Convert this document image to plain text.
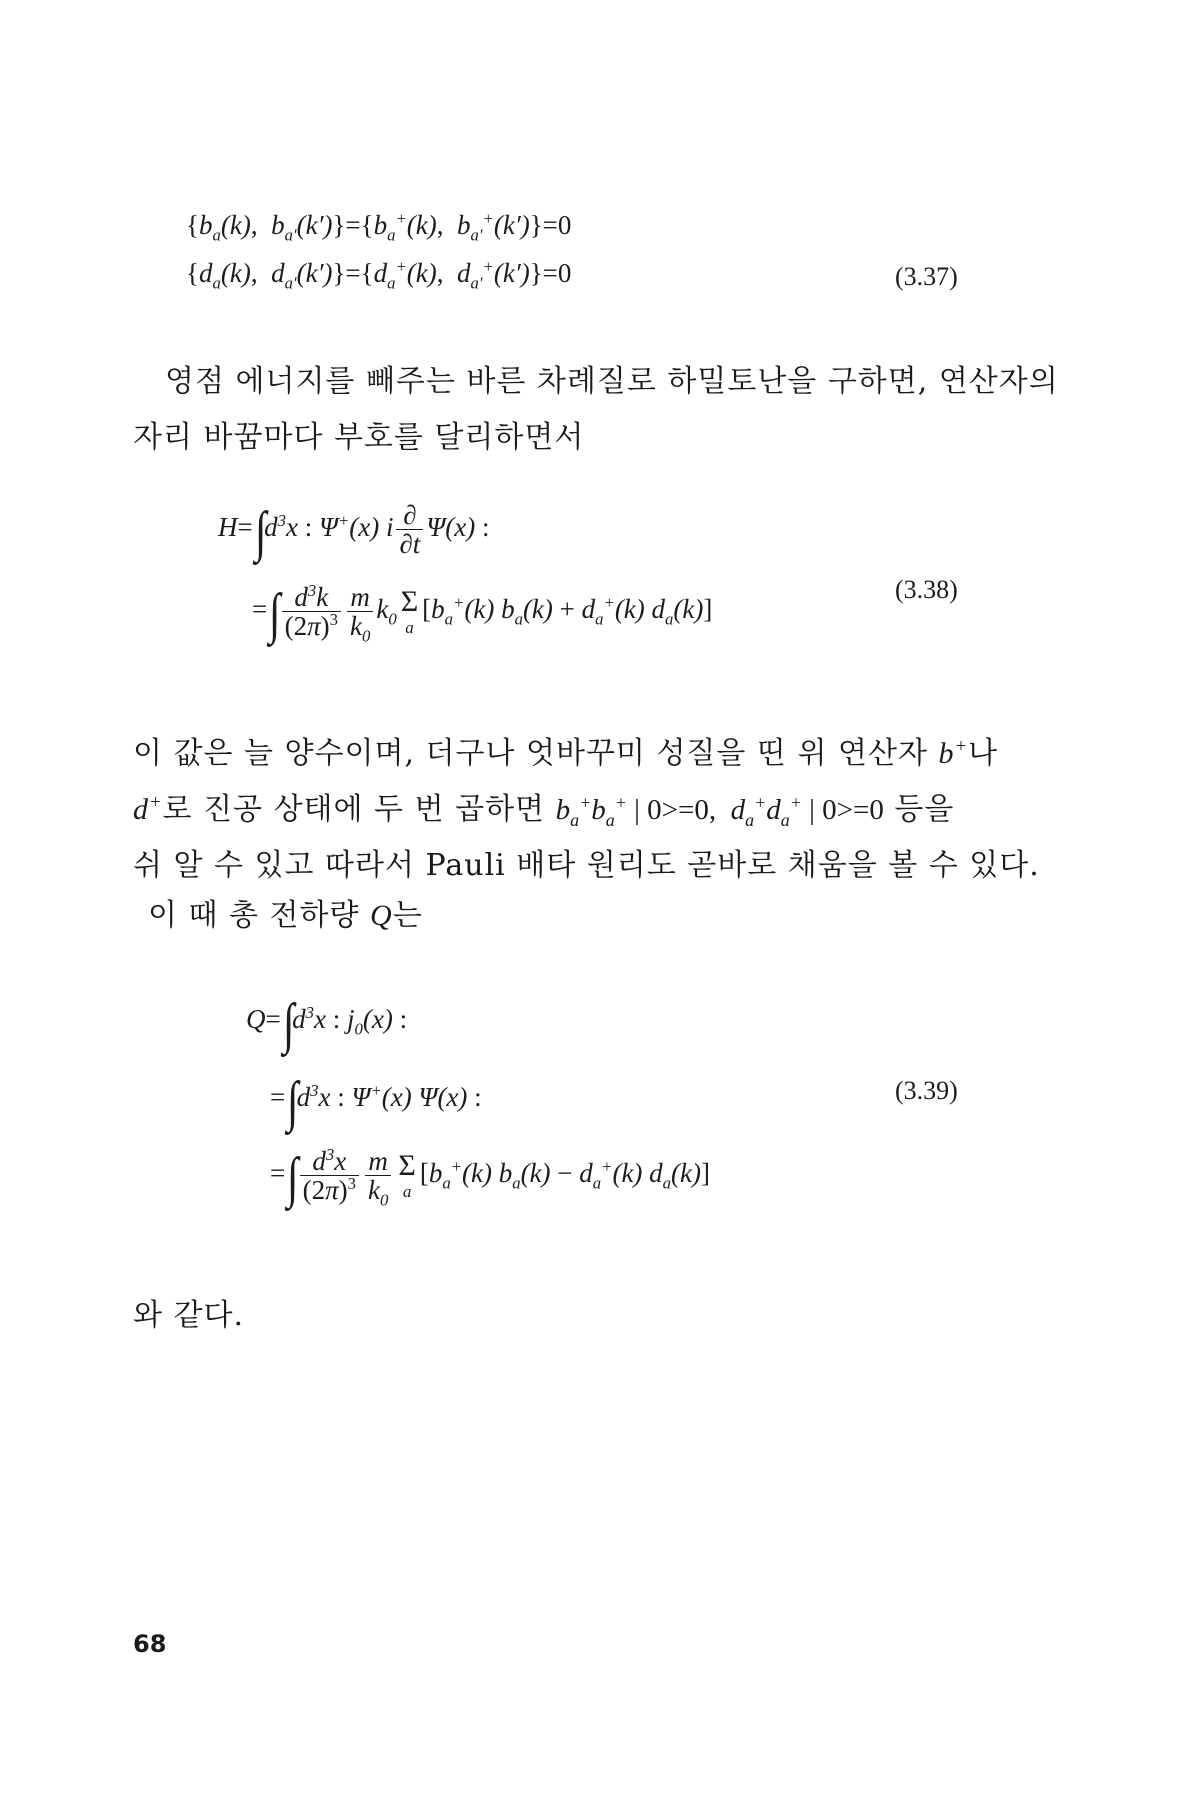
{$b_a(k)$,  $b_{a'}(k')\}=\{b_a^+(k)$,  $b_{a'}^+(k')\}=0$
{$d_a(k)$,  $d_{a'}(k')\}=\{d_a^+(k)$,  $d_{a'}^+(k')\}=0$	(3.37)
영점 에너지를 빼주는 바른 차례질로 하밀토난을 구하면, 연산자의
자리 바꿈마다 부호를 달리하면서
$H=\int d^3x$ : Ψ+(x) i $\frac{\partial}{\partial t} \Psi(x)$ :
=∫ $\frac{d^3k}{(2\pi)^3} \frac{m}{k_0} k_0$
Σ
a
[$b_a^+(k) b_a(k) + d_a^+(k)$ $d_a(k)$]
(3.38)
이 값은 늘 양수이며, 더구나 엇바꾸미 성질을 띤 위 연산자 b+나
d+로 진공 상태에 두 번 곱하면 $b_a^+b_a^+$ | 0>=0,  $d_a^+d_a^+$ | 0>=0 등을
쉬 알 수 있고 따라서 Pauli 배타 원리도 곧바로 채움을 볼 수 있다.
이 때 총 전하량 Q는
$Q=\int d^3x$ : $j_0(x)$ :
$=\int d^3x$ : Ψ+(x) Ψ(x) :
=∫ $\frac{d^3x}{(2\pi)^3} \frac{m}{k_0}$ Σ
a
[$b_a^+(k) b_a(k) - d_a^+(k)$ $d_a(k)$]
(3.39)
와 같다.
68
